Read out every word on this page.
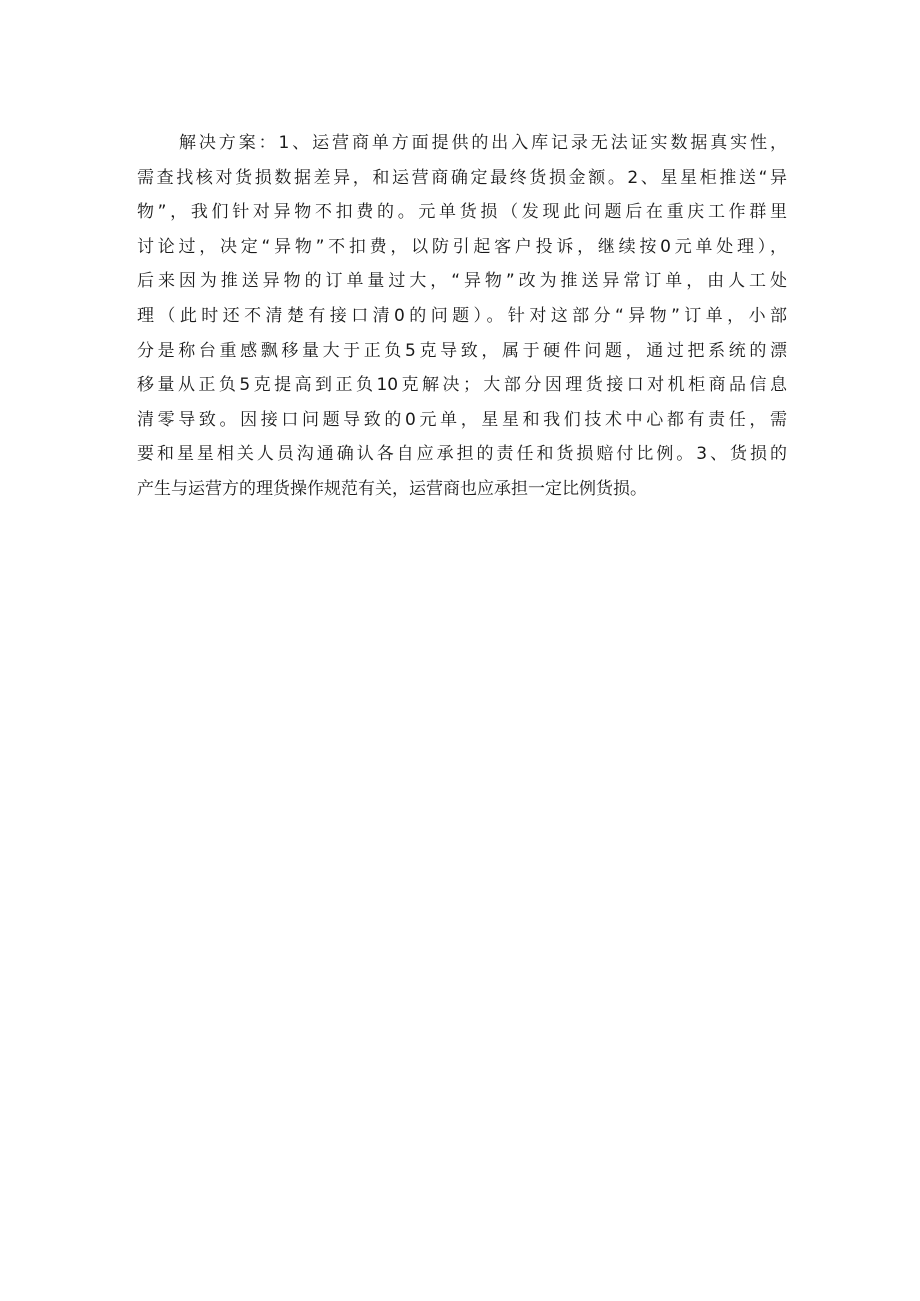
解决方案：1、运营商单方面提供的出入库记录无法证实数据真实性，
需查找核对货损数据差异，和运营商确定最终货损金额。2、星星柜推送“异
物”，我们针对异物不扣费的。元单货损（发现此问题后在重庆工作群里
讨论过，决定“异物”不扣费，以防引起客户投诉，继续按0元单处理），
后来因为推送异物的订单量过大，“异物”改为推送异常订单，由人工处
理（此时还不清楚有接口清0的问题）。针对这部分“异物”订单，小部
分是称台重感飘移量大于正负5克导致，属于硬件问题，通过把系统的漂
移量从正负5克提高到正负10克解决；大部分因理货接口对机柜商品信息
清零导致。因接口问题导致的0元单，星星和我们技术中心都有责任，需
要和星星相关人员沟通确认各自应承担的责任和货损赔付比例。3、货损的
产生与运营方的理货操作规范有关，运营商也应承担一定比例货损。
